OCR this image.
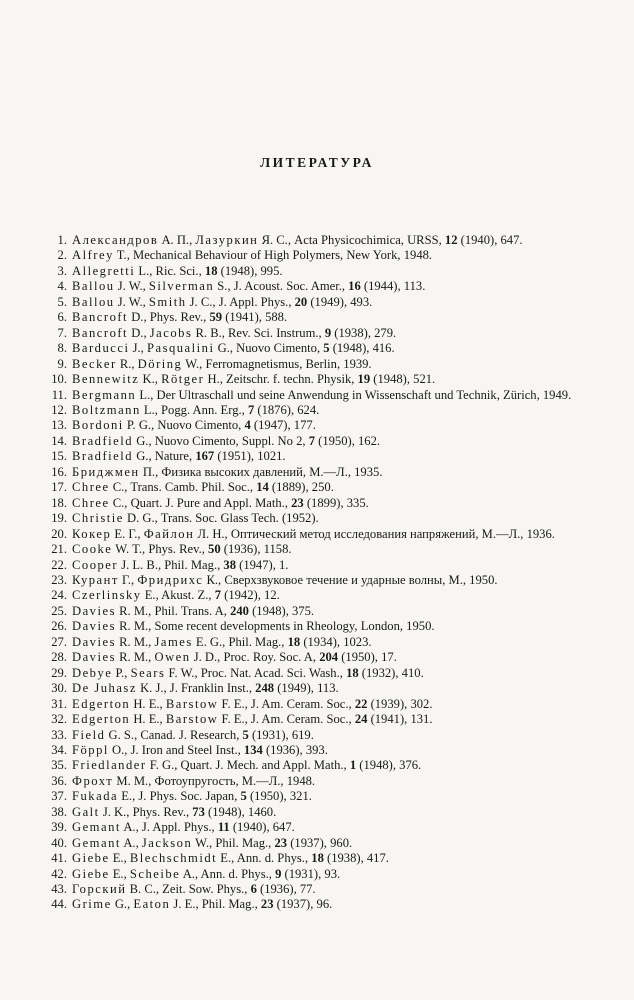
ЛИТЕРАТУРА
1. Александров А. П., Лазуркин Я. С., Acta Physicochimica, URSS, 12 (1940), 647.
2. Alfrey T., Mechanical Behaviour of High Polymers, New York, 1948.
3. Allegretti L., Ric. Sci., 18 (1948), 995.
4. Ballou J. W., Silverman S., J. Acoust. Soc. Amer., 16 (1944), 113.
5. Ballou J. W., Smith J. C., J. Appl. Phys., 20 (1949), 493.
6. Bancroft D., Phys. Rev., 59 (1941), 588.
7. Bancroft D., Jacobs R. B., Rev. Sci. Instrum., 9 (1938), 279.
8. Barducci J., Pasqualini G., Nuovo Cimento, 5 (1948), 416.
9. Becker R., Döring W., Ferromagnetismus, Berlin, 1939.
10. Bennewitz K., Rötger H., Zeitschr. f. techn. Physik, 19 (1948), 521.
11. Bergmann L., Der Ultraschall und seine Anwendung in Wissenschaft und Technik, Zürich, 1949.
12. Boltzmann L., Pogg. Ann. Erg., 7 (1876), 624.
13. Bordoni P. G., Nuovo Cimento, 4 (1947), 177.
14. Bradfield G., Nuovo Cimento, Suppl. No 2, 7 (1950), 162.
15. Bradfield G., Nature, 167 (1951), 1021.
16. Бриджмен П., Физика высоких давлений, М.—Л., 1935.
17. Chree C., Trans. Camb. Phil. Soc., 14 (1889), 250.
18. Chree C., Quart. J. Pure and Appl. Math., 23 (1899), 335.
19. Christie D. G., Trans. Soc. Glass Tech. (1952).
20. Кокер Е. Г., Файлон Л. Н., Оптический метод исследования напряжений, М.—Л., 1936.
21. Cooke W. T., Phys. Rev., 50 (1936), 1158.
22. Cooper J. L. B., Phil. Mag., 38 (1947), 1.
23. Курант Г., Фридрихс К., Сверхзвуковое течение и ударные волны, М., 1950.
24. Czerlinsky E., Akust. Z., 7 (1942), 12.
25. Davies R. M., Phil. Trans. A, 240 (1948), 375.
26. Davies R. M., Some recent developments in Rheology, London, 1950.
27. Davies R. M., James E. G., Phil. Mag., 18 (1934), 1023.
28. Davies R. M., Owen J. D., Proc. Roy. Soc. A, 204 (1950), 17.
29. Debye P., Sears F. W., Proc. Nat. Acad. Sci. Wash., 18 (1932), 410.
30. De Juhasz K. J., J. Franklin Inst., 248 (1949), 113.
31. Edgerton H. E., Barstow F. E., J. Am. Ceram. Soc., 22 (1939), 302.
32. Edgerton H. E., Barstow F. E., J. Am. Ceram. Soc., 24 (1941), 131.
33. Field G. S., Canad. J. Research, 5 (1931), 619.
34. Föppl O., J. Iron and Steel Inst., 134 (1936), 393.
35. Friedlander F. G., Quart. J. Mech. and Appl. Math., 1 (1948), 376.
36. Фрохт М. М., Фотоупругость, М.—Л., 1948.
37. Fukada E., J. Phys. Soc. Japan, 5 (1950), 321.
38. Galt J. K., Phys. Rev., 73 (1948), 1460.
39. Gemant A., J. Appl. Phys., 11 (1940), 647.
40. Gemant A., Jackson W., Phil. Mag., 23 (1937), 960.
41. Giebe E., Blechschmidt E., Ann. d. Phys., 18 (1938), 417.
42. Giebe E., Scheibe A., Ann. d. Phys., 9 (1931), 93.
43. Горский В. С., Zeit. Sow. Phys., 6 (1936), 77.
44. Grime G., Eaton J. E., Phil. Mag., 23 (1937), 96.
